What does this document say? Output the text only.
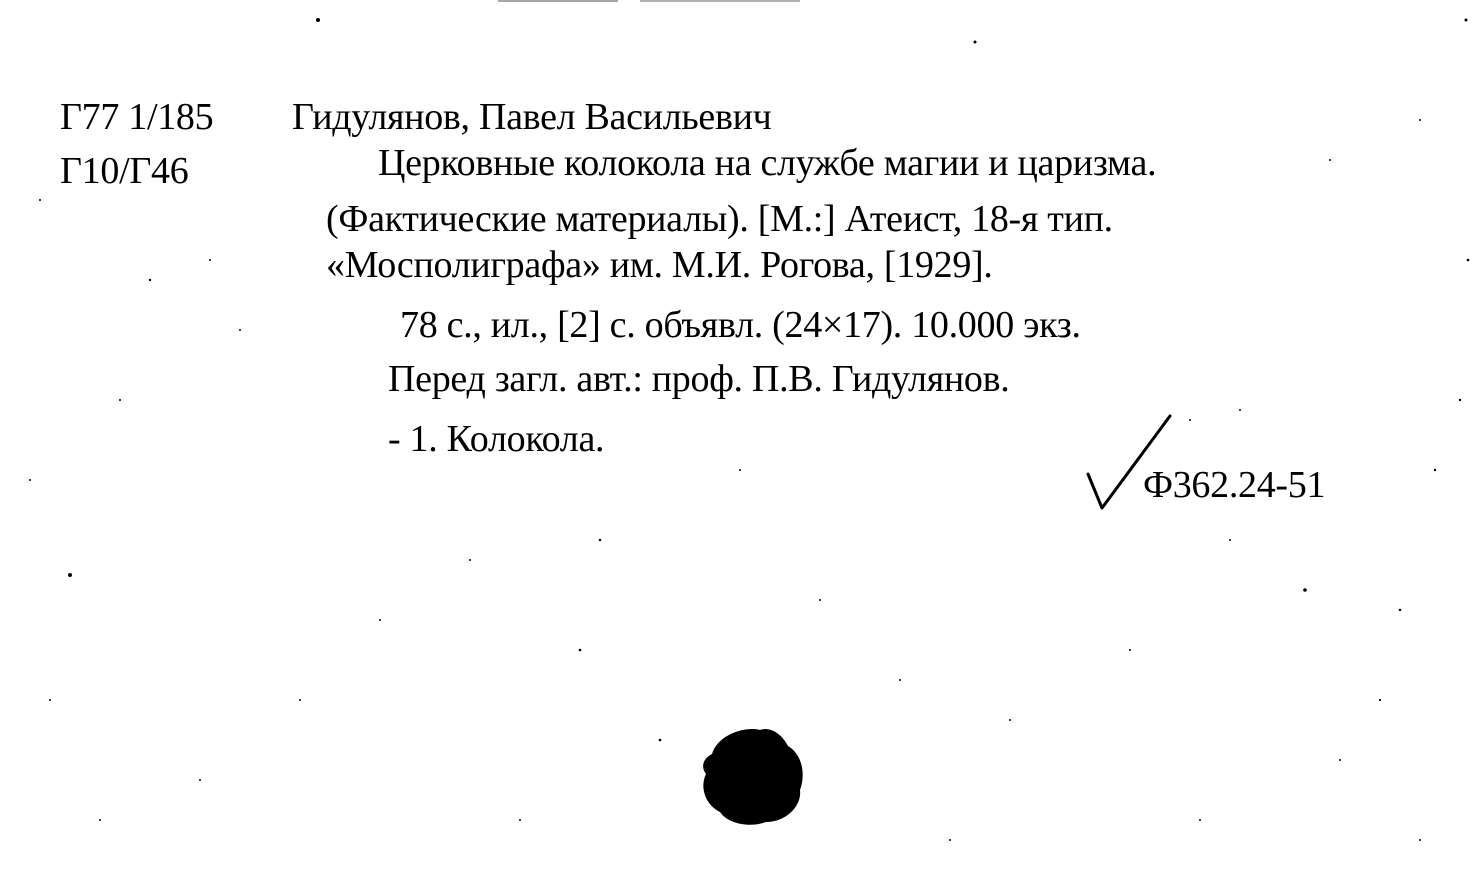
Г77 1/185
Г10/Г46
Гидулянов, Павел Васильевич
Церковные колокола на службе магии и царизма.
(Фактические материалы). [М.:] Атеист, 18-я тип.
«Мосполиграфа» им. М.И. Рогова, [1929].
78 с., ил., [2] с. объявл. (24×17). 10.000 экз.
Перед загл. авт.: проф. П.В. Гидулянов.
- 1. Колокола.
Ф362.24-51
